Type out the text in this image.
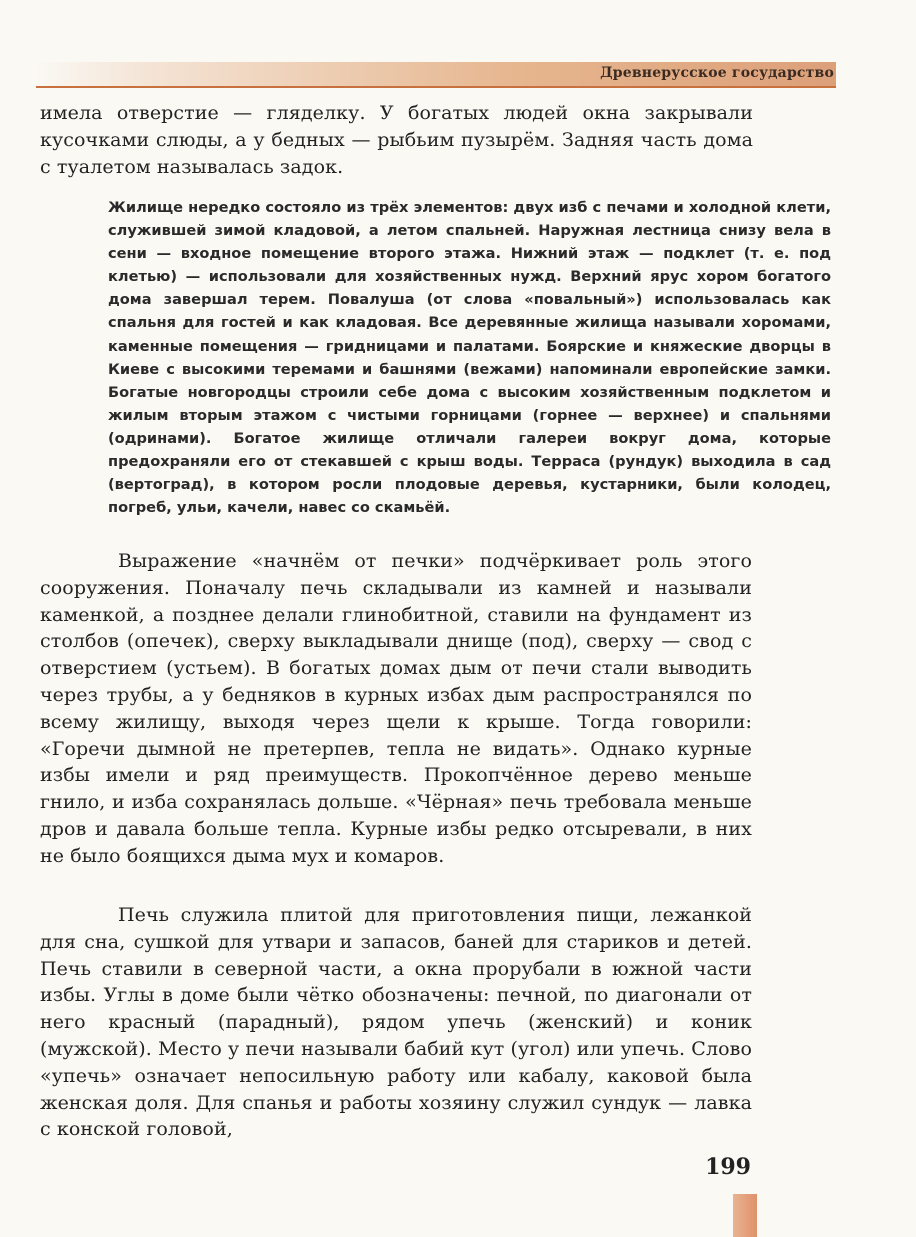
Древнерусское государство

имела отверстие — гляделку. У богатых людей окна закрывали кусочками слюды, а у бедных — рыбьим пузырём. Задняя часть дома с туалетом называлась задок.

Жилище нередко состояло из трёх элементов: двух изб с печами и холодной клети, служившей зимой кладовой, а летом спальней. Наружная лестница снизу вела в сени — входное помещение второго этажа. Нижний этаж — подклет (т. е. под клетью) — использовали для хозяйственных нужд. Верхний ярус хором богатого дома завершал терем. Повалуша (от слова «повальный») использовалась как спальня для гостей и как кладовая. Все деревянные жилища называли хоромами, каменные помещения — гридницами и палатами. Боярские и княжеские дворцы в Киеве с высокими теремами и башнями (вежами) напоминали европейские замки. Богатые новгородцы строили себе дома с высоким хозяйственным подклетом и жилым вторым этажом с чистыми горницами (горнее — верхнее) и спальнями (одринами). Богатое жилище отличали галереи вокруг дома, которые предохраняли его от стекавшей с крыш воды. Терраса (рундук) выходила в сад (вертоград), в котором росли плодовые деревья, кустарники, были колодец, погреб, ульи, качели, навес со скамьёй.

Выражение «начнём от печки» подчёркивает роль этого сооружения. Поначалу печь складывали из камней и называли каменкой, а позднее делали глинобитной, ставили на фундамент из столбов (опечек), сверху выкладывали днище (под), сверху — свод с отверстием (устьем). В богатых домах дым от печи стали выводить через трубы, а у бедняков в курных избах дым распространялся по всему жилищу, выходя через щели к крыше. Тогда говорили: «Горечи дымной не претерпев, тепла не видать». Однако курные избы имели и ряд преимуществ. Прокопчённое дерево меньше гнило, и изба сохранялась дольше. «Чёрная» печь требовала меньше дров и давала больше тепла. Курные избы редко отсыревали, в них не было боящихся дыма мух и комаров.

Печь служила плитой для приготовления пищи, лежанкой для сна, сушкой для утвари и запасов, баней для стариков и детей. Печь ставили в северной части, а окна прорубали в южной части избы. Углы в доме были чётко обозначены: печной, по диагонали от него красный (парадный), рядом упечь (женский) и коник (мужской). Место у печи называли бабий кут (угол) или упечь. Слово «упечь» означает непосильную работу или кабалу, каковой была женская доля. Для спанья и работы хозяину служил сундук — лавка с конской головой,

199
